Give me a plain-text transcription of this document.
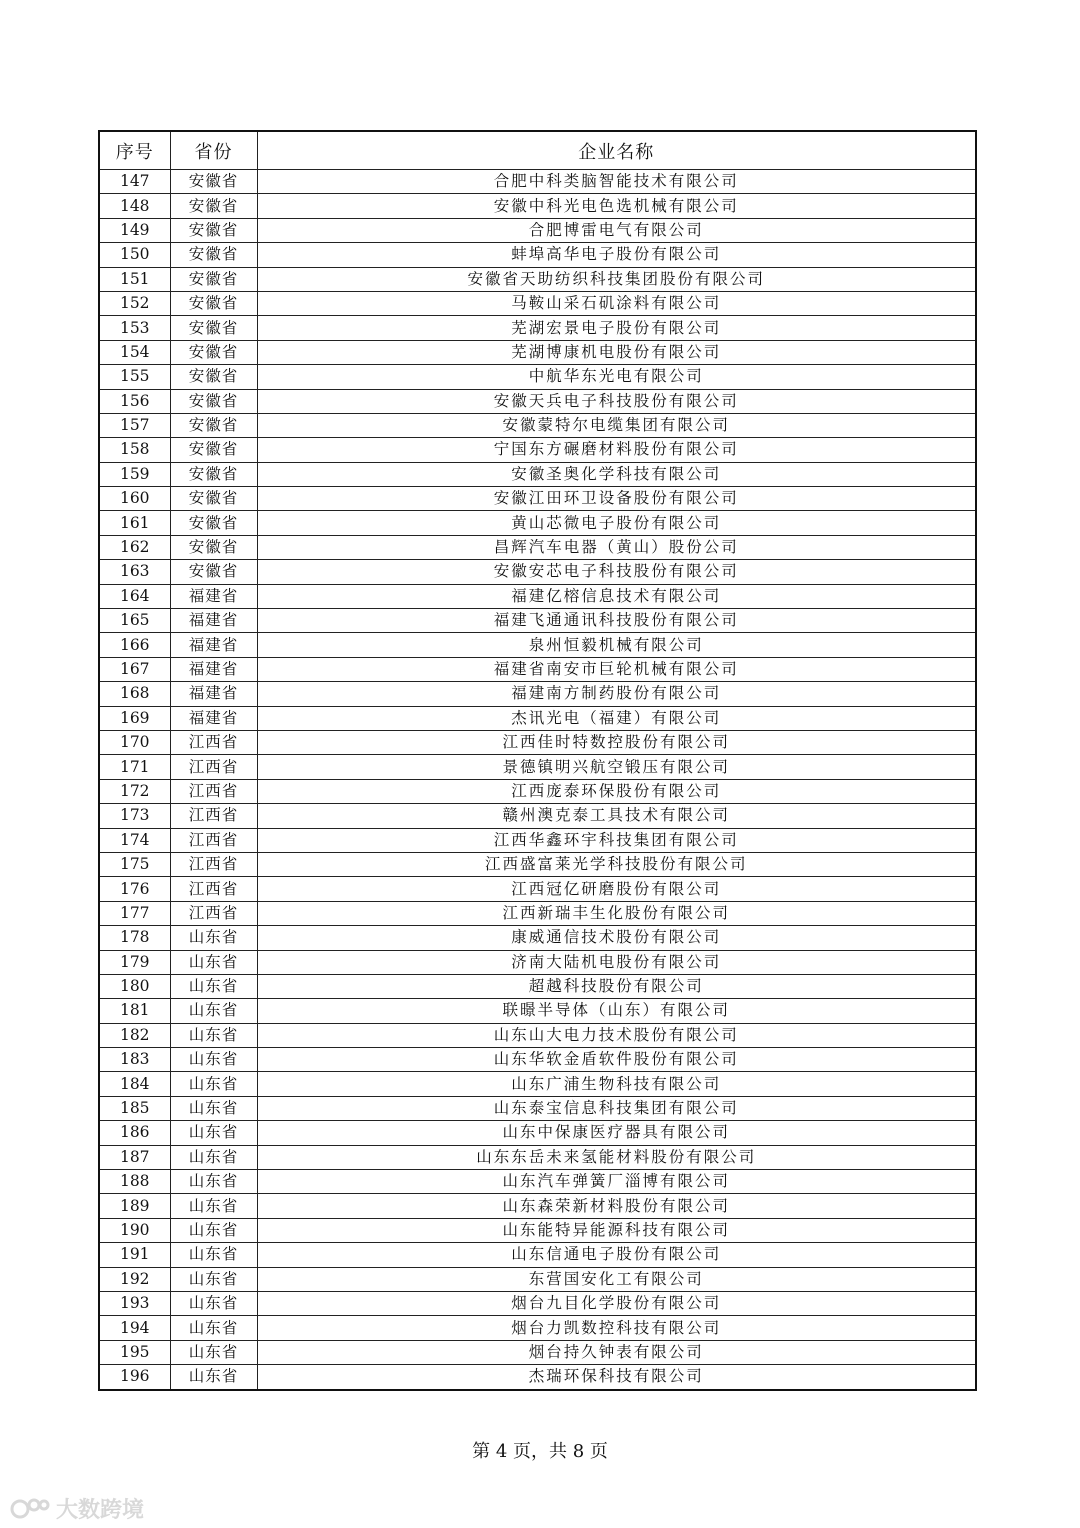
序号	省份	企业名称
147	安徽省	合肥中科类脑智能技术有限公司
148	安徽省	安徽中科光电色选机械有限公司
149	安徽省	合肥博雷电气有限公司
150	安徽省	蚌埠高华电子股份有限公司
151	安徽省	安徽省天助纺织科技集团股份有限公司
152	安徽省	马鞍山采石矶涂料有限公司
153	安徽省	芜湖宏景电子股份有限公司
154	安徽省	芜湖博康机电股份有限公司
155	安徽省	中航华东光电有限公司
156	安徽省	安徽天兵电子科技股份有限公司
157	安徽省	安徽蒙特尔电缆集团有限公司
158	安徽省	宁国东方碾磨材料股份有限公司
159	安徽省	安徽圣奥化学科技有限公司
160	安徽省	安徽江田环卫设备股份有限公司
161	安徽省	黄山芯微电子股份有限公司
162	安徽省	昌辉汽车电器（黄山）股份公司
163	安徽省	安徽安芯电子科技股份有限公司
164	福建省	福建亿榕信息技术有限公司
165	福建省	福建飞通通讯科技股份有限公司
166	福建省	泉州恒毅机械有限公司
167	福建省	福建省南安市巨轮机械有限公司
168	福建省	福建南方制药股份有限公司
169	福建省	杰讯光电（福建）有限公司
170	江西省	江西佳时特数控股份有限公司
171	江西省	景德镇明兴航空锻压有限公司
172	江西省	江西庞泰环保股份有限公司
173	江西省	赣州澳克泰工具技术有限公司
174	江西省	江西华鑫环宇科技集团有限公司
175	江西省	江西盛富莱光学科技股份有限公司
176	江西省	江西冠亿研磨股份有限公司
177	江西省	江西新瑞丰生化股份有限公司
178	山东省	康威通信技术股份有限公司
179	山东省	济南大陆机电股份有限公司
180	山东省	超越科技股份有限公司
181	山东省	联暻半导体（山东）有限公司
182	山东省	山东山大电力技术股份有限公司
183	山东省	山东华软金盾软件股份有限公司
184	山东省	山东广浦生物科技有限公司
185	山东省	山东泰宝信息科技集团有限公司
186	山东省	山东中保康医疗器具有限公司
187	山东省	山东东岳未来氢能材料股份有限公司
188	山东省	山东汽车弹簧厂淄博有限公司
189	山东省	山东森荣新材料股份有限公司
190	山东省	山东能特异能源科技有限公司
191	山东省	山东信通电子股份有限公司
192	山东省	东营国安化工有限公司
193	山东省	烟台九目化学股份有限公司
194	山东省	烟台力凯数控科技有限公司
195	山东省	烟台持久钟表有限公司
196	山东省	杰瑞环保科技有限公司
第 4 页，共 8 页
大数跨境
